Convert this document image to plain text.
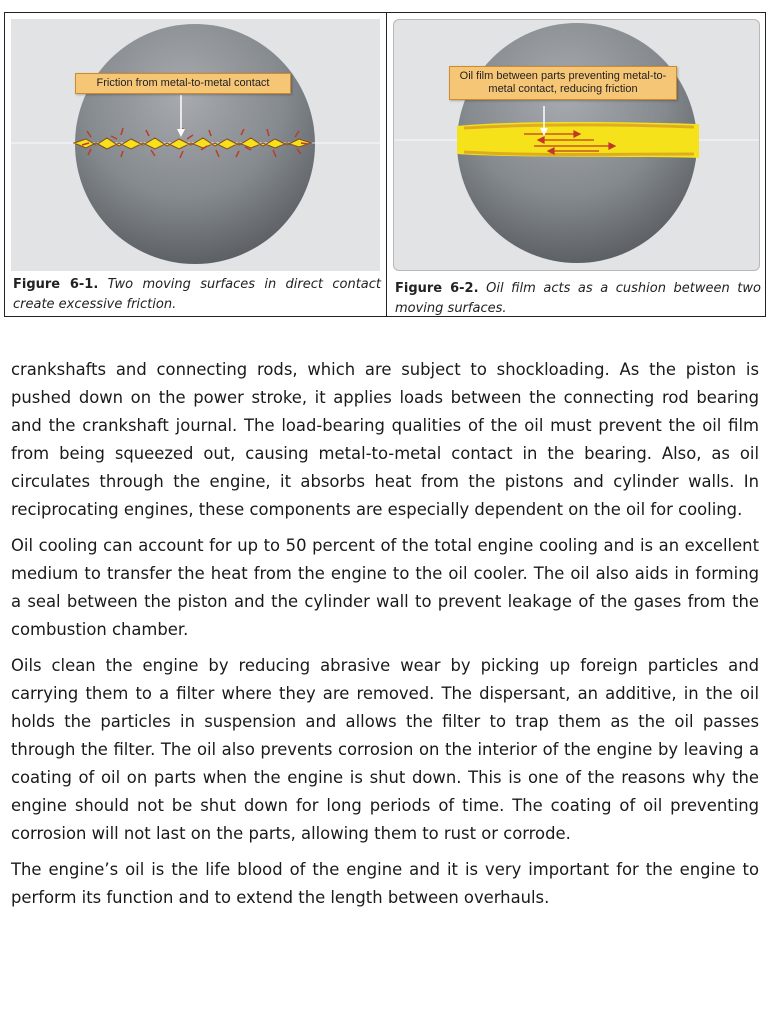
Friction from metal-to-metal contact
Figure 6-1. Two moving surfaces in direct contact create excessive friction.
Oil film between parts preventing metal-to-metal contact, reducing friction
Figure 6-2. Oil film acts as a cushion between two moving surfaces.

crankshafts and connecting rods, which are subject to shockloading. As the piston is pushed down on the power stroke, it applies loads between the connecting rod bearing and the crankshaft journal. The load-bearing qualities of the oil must prevent the oil film from being squeezed out, causing metal-to-metal contact in the bearing. Also, as oil circulates through the engine, it absorbs heat from the pistons and cylinder walls. In reciprocating engines, these components are especially dependent on the oil for cooling.

Oil cooling can account for up to 50 percent of the total engine cooling and is an excellent medium to transfer the heat from the engine to the oil cooler. The oil also aids in forming a seal between the piston and the cylinder wall to prevent leakage of the gases from the combustion chamber.

Oils clean the engine by reducing abrasive wear by picking up foreign particles and carrying them to a filter where they are removed. The dispersant, an additive, in the oil holds the particles in suspension and allows the filter to trap them as the oil passes through the filter. The oil also prevents corrosion on the interior of the engine by leaving a coating of oil on parts when the engine is shut down. This is one of the reasons why the engine should not be shut down for long periods of time. The coating of oil preventing corrosion will not last on the parts, allowing them to rust or corrode.

The engine’s oil is the life blood of the engine and it is very important for the engine to perform its function and to extend the length between overhauls.
